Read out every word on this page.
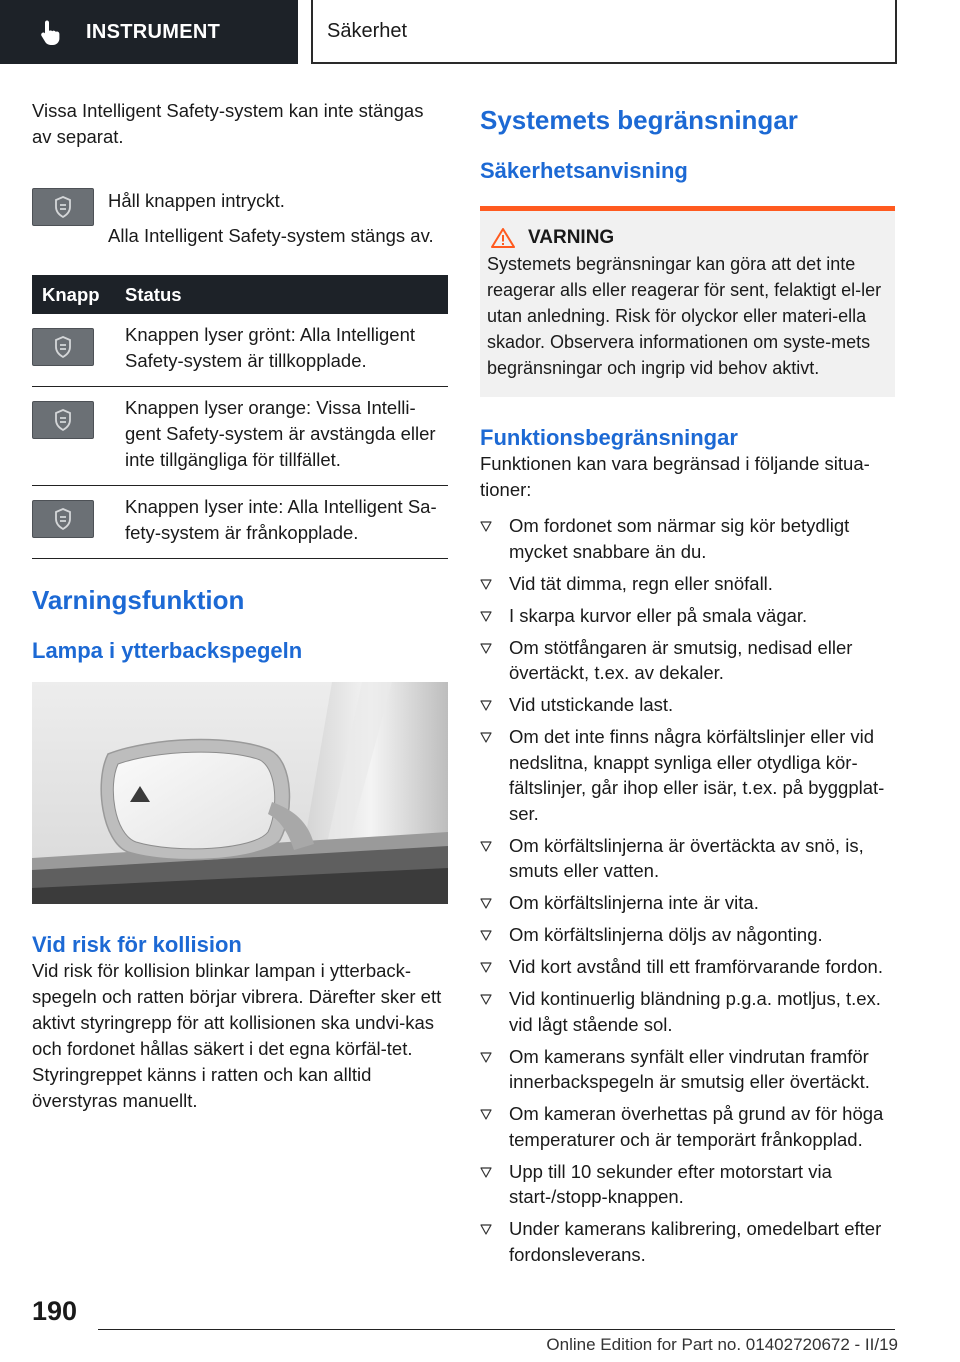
INSTRUMENT	Säkerhet

Vissa Intelligent Safety-system kan inte stängas av separat.

Håll knappen intryckt.

Alla Intelligent Safety-system stängs av.

Knapp	Status

	Knappen lyser grönt: Alla Intelligent Safety-system är tillkopplade.

	Knappen lyser orange: Vissa Intelli-gent Safety-system är avstängda eller inte tillgängliga för tillfället.

	Knappen lyser inte: Alla Intelligent Sa-fety-system är frånkopplade.
Varningsfunktion
Lampa i ytterbackspegeln
Vid risk för kollision

Vid risk för kollision blinkar lampan i ytterback-spegeln och ratten börjar vibrera. Därefter sker ett aktivt styringrepp för att kollisionen ska undvi-kas och fordonet hållas säkert i det egna körfäl-tet. Styringreppet känns i ratten och kan alltid överstyras manuellt.

Systemets begränsningar
Säkerhetsanvisning
VARNING

Systemets begränsningar kan göra att det inte reagerar alls eller reagerar för sent, felaktigt el-ler utan anledning. Risk för olyckor eller materi-ella skador. Observera informationen om syste-mets begränsningar och ingrip vid behov aktivt.

Funktionsbegränsningar

Funktionen kan vara begränsad i följande situa-tioner:

Om fordonet som närmar sig kör betydligt mycket snabbare än du.
Vid tät dimma, regn eller snöfall.
I skarpa kurvor eller på smala vägar.
Om stötfångaren är smutsig, nedisad eller övertäckt, t.ex. av dekaler.
Vid utstickande last.
Om det inte finns några körfältslinjer eller vid nedslitna, knappt synliga eller otydliga kör-fältslinjer, går ihop eller isär, t.ex. på byggplat-ser.
Om körfältslinjerna är övertäckta av snö, is, smuts eller vatten.
Om körfältslinjerna inte är vita.
Om körfältslinjerna döljs av någonting.
Vid kort avstånd till ett framförvarande fordon.
Vid kontinuerlig bländning p.g.a. motljus, t.ex. vid lågt stående sol.
Om kamerans synfält eller vindrutan framför innerbackspegeln är smutsig eller övertäckt.
Om kameran överhettas på grund av för höga temperaturer och är temporärt frånkopplad.
Upp till 10 sekunder efter motorstart via start-/stopp-knappen.
Under kamerans kalibrering, omedelbart efter fordonsleverans.
190
Online Edition for Part no. 01402720672 - II/19
